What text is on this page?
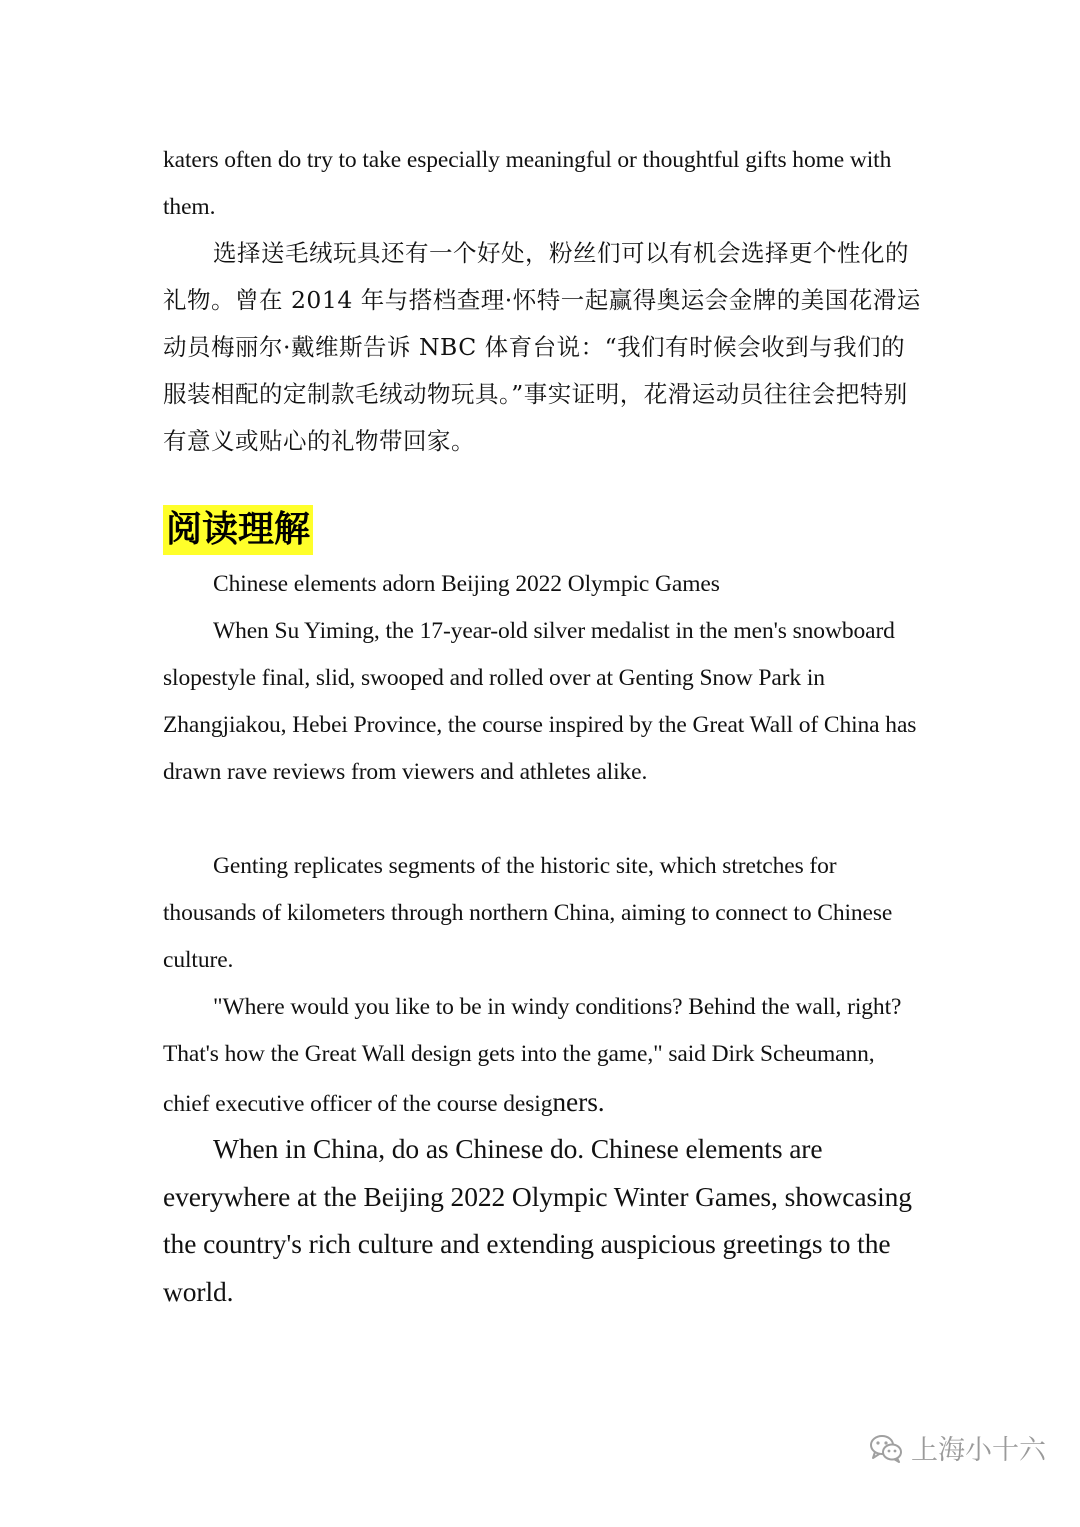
katers often do try to take especially meaningful or thoughtful gifts home with them.

选择送毛绒玩具还有一个好处，粉丝们可以有机会选择更个性化的礼物。曾在 2014 年与搭档查理·怀特一起赢得奥运会金牌的美国花滑运动员梅丽尔·戴维斯告诉 NBC 体育台说：“我们有时候会收到与我们的服装相配的定制款毛绒动物玩具。”事实证明，花滑运动员往往会把特别有意义或贴心的礼物带回家。

阅读理解

Chinese elements adorn Beijing 2022 Olympic Games

When Su Yiming, the 17-year-old silver medalist in the men's snowboard slopestyle final, slid, swooped and rolled over at Genting Snow Park in Zhangjiakou, Hebei Province, the course inspired by the Great Wall of China has drawn rave reviews from viewers and athletes alike.

Genting replicates segments of the historic site, which stretches for thousands of kilometers through northern China, aiming to connect to Chinese culture.

"Where would you like to be in windy conditions? Behind the wall, right? That's how the Great Wall design gets into the game," said Dirk Scheumann, chief executive officer of the course designers.

When in China, do as Chinese do. Chinese elements are everywhere at the Beijing 2022 Olympic Winter Games, showcasing the country's rich culture and extending auspicious greetings to the world.

上海小十六
